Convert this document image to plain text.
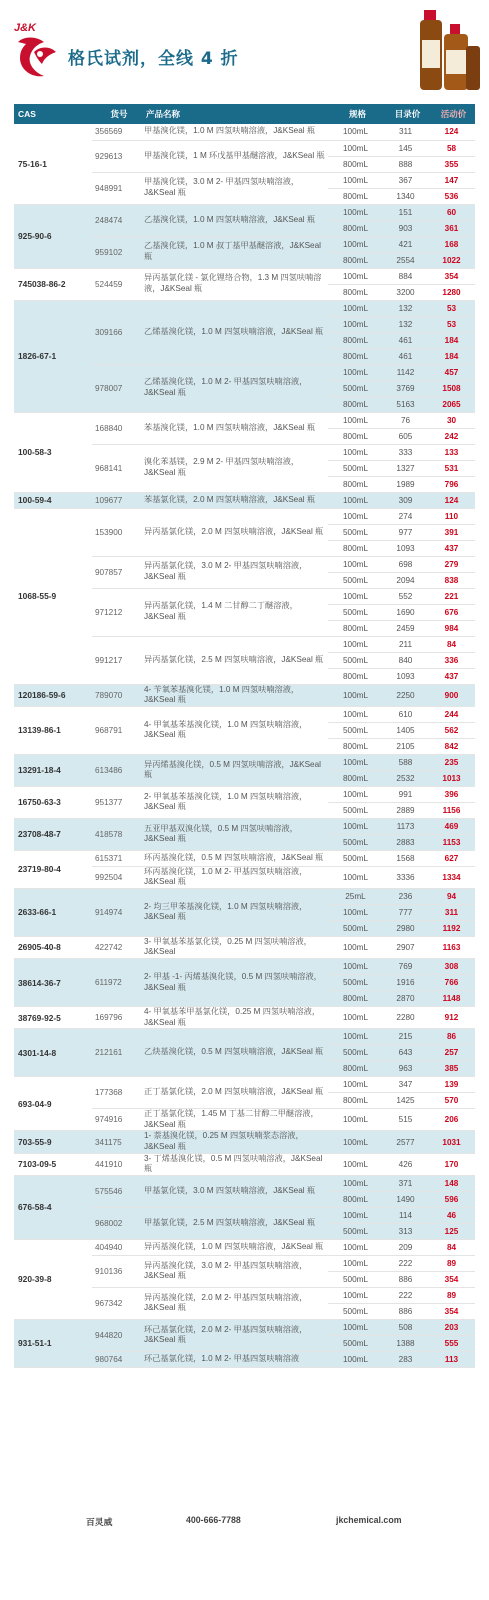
J&K
格氏试剂，全线 4 折
CAS	货号	产品名称	规格	目录价	活动价
75-16-1	356569	甲基溴化镁，1.0 M 四氢呋喃溶液，J&KSeal 瓶	100mL	311	124
	929613	甲基溴化镁，1 M 环戊基甲基醚溶液，J&KSeal 瓶	100mL	145	58
			800mL	888	355
	948991	甲基溴化镁，3.0 M 2- 甲基四氢呋喃溶液，J&KSeal 瓶	100mL	367	147
			800mL	1340	536
925-90-6	248474	乙基溴化镁，1.0 M 四氢呋喃溶液，J&KSeal 瓶	100mL	151	60
			800mL	903	361
	959102	乙基溴化镁，1.0 M 叔丁基甲基醚溶液，J&KSeal 瓶	100mL	421	168
			800mL	2554	1022
745038-86-2	524459	异丙基氯化镁 - 氯化锂络合物，1.3 M 四氢呋喃溶液，J&KSeal 瓶	100mL	884	354
			800mL	3200	1280
1826-67-1	309166	乙烯基溴化镁，1.0 M 四氢呋喃溶液，J&KSeal 瓶	100mL	132	53
			100mL	132	53
			800mL	461	184
			800mL	461	184
	978007	乙烯基溴化镁，1.0 M 2- 甲基四氢呋喃溶液，J&KSeal 瓶	100mL	1142	457
			500mL	3769	1508
			800mL	5163	2065
100-58-3	168840	苯基溴化镁，1.0 M 四氢呋喃溶液，J&KSeal 瓶	100mL	76	30
			800mL	605	242
	968141	溴化苯基镁，2.9 M 2- 甲基四氢呋喃溶液，J&KSeal 瓶	100mL	333	133
			500mL	1327	531
			800mL	1989	796
100-59-4	109677	苯基氯化镁，2.0 M 四氢呋喃溶液，J&KSeal 瓶	100mL	309	124
1068-55-9	153900	异丙基氯化镁，2.0 M 四氢呋喃溶液，J&KSeal 瓶	100mL	274	110
			500mL	977	391
			800mL	1093	437
	907857	异丙基氯化镁，3.0 M 2- 甲基四氢呋喃溶液，J&KSeal 瓶	100mL	698	279
			500mL	2094	838
	971212	异丙基氯化镁，1.4 M 二甘醇二丁醚溶液，J&KSeal 瓶	100mL	552	221
			500mL	1690	676
			800mL	2459	984
	991217	异丙基氯化镁，2.5 M 四氢呋喃溶液，J&KSeal 瓶	100mL	211	84
			500mL	840	336
			800mL	1093	437
120186-59-6	789070	4- 苄氧苯基溴化镁，1.0 M 四氢呋喃溶液，J&KSeal 瓶	100mL	2250	900
13139-86-1	968791	4- 甲氧基苯基溴化镁，1.0 M 四氢呋喃溶液，J&KSeal 瓶	100mL	610	244
			500mL	1405	562
			800mL	2105	842
13291-18-4	613486	异丙烯基溴化镁，0.5 M 四氢呋喃溶液，J&KSeal 瓶	100mL	588	235
			800mL	2532	1013
16750-63-3	951377	2- 甲氧基苯基溴化镁，1.0 M 四氢呋喃溶液，J&KSeal 瓶	100mL	991	396
			500mL	2889	1156
23708-48-7	418578	五亚甲基双溴化镁，0.5 M 四氢呋喃溶液，J&KSeal 瓶	100mL	1173	469
			500mL	2883	1153
23719-80-4	615371	环丙基溴化镁，0.5 M 四氢呋喃溶液，J&KSeal 瓶	500mL	1568	627
	992504	环丙基溴化镁，1.0 M 2- 甲基四氢呋喃溶液，J&KSeal 瓶	100mL	3336	1334
2633-66-1	914974	2- 均三甲苯基溴化镁，1.0 M 四氢呋喃溶液，J&KSeal 瓶	25mL	236	94
			100mL	777	311
			500mL	2980	1192
26905-40-8	422742	3- 甲氧基苯基氯化镁，0.25 M 四氢呋喃溶液，J&KSeal	100mL	2907	1163
38614-36-7	611972	2- 甲基 -1- 丙烯基溴化镁，0.5 M 四氢呋喃溶液，J&KSeal 瓶	100mL	769	308
			500mL	1916	766
			800mL	2870	1148
38769-92-5	169796	4- 甲氧基苯甲基氯化镁，0.25 M 四氢呋喃溶液，J&KSeal 瓶	100mL	2280	912
4301-14-8	212161	乙炔基溴化镁，0.5 M 四氢呋喃溶液，J&KSeal 瓶	100mL	215	86
			500mL	643	257
			800mL	963	385
693-04-9	177368	正丁基氯化镁，2.0 M 四氢呋喃溶液，J&KSeal 瓶	100mL	347	139
			800mL	1425	570
	974916	正丁基氯化镁，1.45 M 丁基二甘醇二甲醚溶液，J&KSeal 瓶	100mL	515	206
703-55-9	341175	1- 萘基溴化镁，0.25 M 四氢呋喃浆态溶液，J&KSeal 瓶	100mL	2577	1031
7103-09-5	441910	3- 丁烯基溴化镁，0.5 M 四氢呋喃溶液，J&KSeal 瓶	100mL	426	170
676-58-4	575546	甲基氯化镁，3.0 M 四氢呋喃溶液，J&KSeal 瓶	100mL	371	148
			800mL	1490	596
	968002	甲基氯化镁，2.5 M 四氢呋喃溶液，J&KSeal 瓶	100mL	114	46
			500mL	313	125
920-39-8	404940	异丙基溴化镁，1.0 M 四氢呋喃溶液，J&KSeal 瓶	100mL	209	84
	910136	异丙基溴化镁，3.0 M 2- 甲基四氢呋喃溶液，J&KSeal 瓶	100mL	222	89
			500mL	886	354
	967342	异丙基溴化镁，2.0 M 2- 甲基四氢呋喃溶液，J&KSeal 瓶	100mL	222	89
			500mL	886	354
931-51-1	944820	环己基氯化镁，2.0 M 2- 甲基四氢呋喃溶液，J&KSeal 瓶	100mL	508	203
			500mL	1388	555
	980764	环己基氯化镁，1.0 M 2- 甲基四氢呋喃溶液	100mL	283	113
百灵威	400-666-7788	jkchemical.com
